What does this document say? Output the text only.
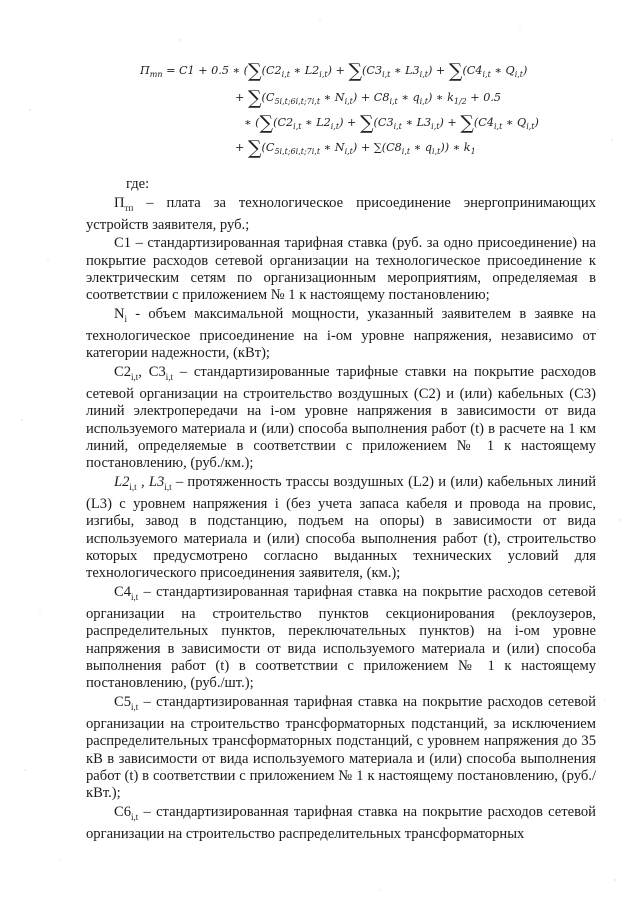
$П_{тп} = C1 + 0.5$ ∗ ($\sum(C2_{i,t}$ ∗ $L2_{i,t}) + \sum(C3_{i,t}$ ∗ $L3_{i,t}) + \sum(C4_{i,t}$ ∗ $Q_{i,t}$)
+ $\sum(C_{5i,t;6i,t;7i,t}$ ∗ $N_{i,t}) + C8_{i,t}$ ∗ $q_{i,t}$) ∗ $k_{1/2} + 0.5$
∗ ($\sum(C2_{i,t}$ ∗ $L2_{i,t}) + \sum(C3_{i,t}$ ∗ $L3_{i,t}) + \sum(C4_{i,t}$ ∗ $Q_{i,t}$)
+ $\sum(C_{5i,t;6i,t;7i,t}$ ∗ $N_{i,t}) + \sum(C8_{i,t}$ ∗ $q_{i,t}$)) ∗ $k_1$

где:

$П_{тп}$ – плата за технологическое присоединение энергопринимающих устройств заявителя, руб.;

С1 – стандартизированная тарифная ставка (руб. за одно присоединение) на покрытие расходов сетевой организации на технологическое присоединение к электрическим сетям по организационным мероприятиям, определяемая в соответствии с приложением № 1 к настоящему постановлению;

$N_i$ - объем максимальной мощности, указанный заявителем в заявке на технологическое присоединение на i-ом уровне напряжения, независимо от категории надежности, (кВт);

$С2_{i,t}$, $С3_{i,t}$ – стандартизированные тарифные ставки на покрытие расходов сетевой организации на строительство воздушных (С2) и (или) кабельных (С3) линий электропередачи на i-ом уровне напряжения в зависимости от вида используемого материала и (или) способа выполнения работ (t) в расчете на 1 км линий, определяемые в соответствии с приложением № 1 к настоящему постановлению, (руб./км.);

$L2_{i,t}$ , $L3_{i,t}$ – протяженность трассы воздушных (L2) и (или) кабельных линий (L3) с уровнем напряжения i (без учета запаса кабеля и провода на провис, изгибы, завод в подстанцию, подъем на опоры) в зависимости от вида используемого материала и (или) способа выполнения работ (t), строительство которых предусмотрено согласно выданных технических условий для технологического присоединения заявителя, (км.);

$С4_{i,t}$ – стандартизированная тарифная ставка на покрытие расходов сетевой организации на строительство пунктов секционирования (реклоузеров, распределительных пунктов, переключательных пунктов) на i-ом уровне напряжения в зависимости от вида используемого материала и (или) способа выполнения работ (t) в соответствии с приложением № 1 к настоящему постановлению, (руб./шт.);

$С5_{i,t}$ – стандартизированная тарифная ставка на покрытие расходов сетевой организации на строительство трансформаторных подстанций, за исключением распределительных трансформаторных подстанций, с уровнем напряжения до 35 кВ в зависимости от вида используемого материала и (или) способа выполнения работ (t) в соответствии с приложением № 1 к настоящему постановлению, (руб./кВт.);

$С6_{i,t}$ – стандартизированная тарифная ставка на покрытие расходов сетевой организации на строительство распределительных трансформаторных
